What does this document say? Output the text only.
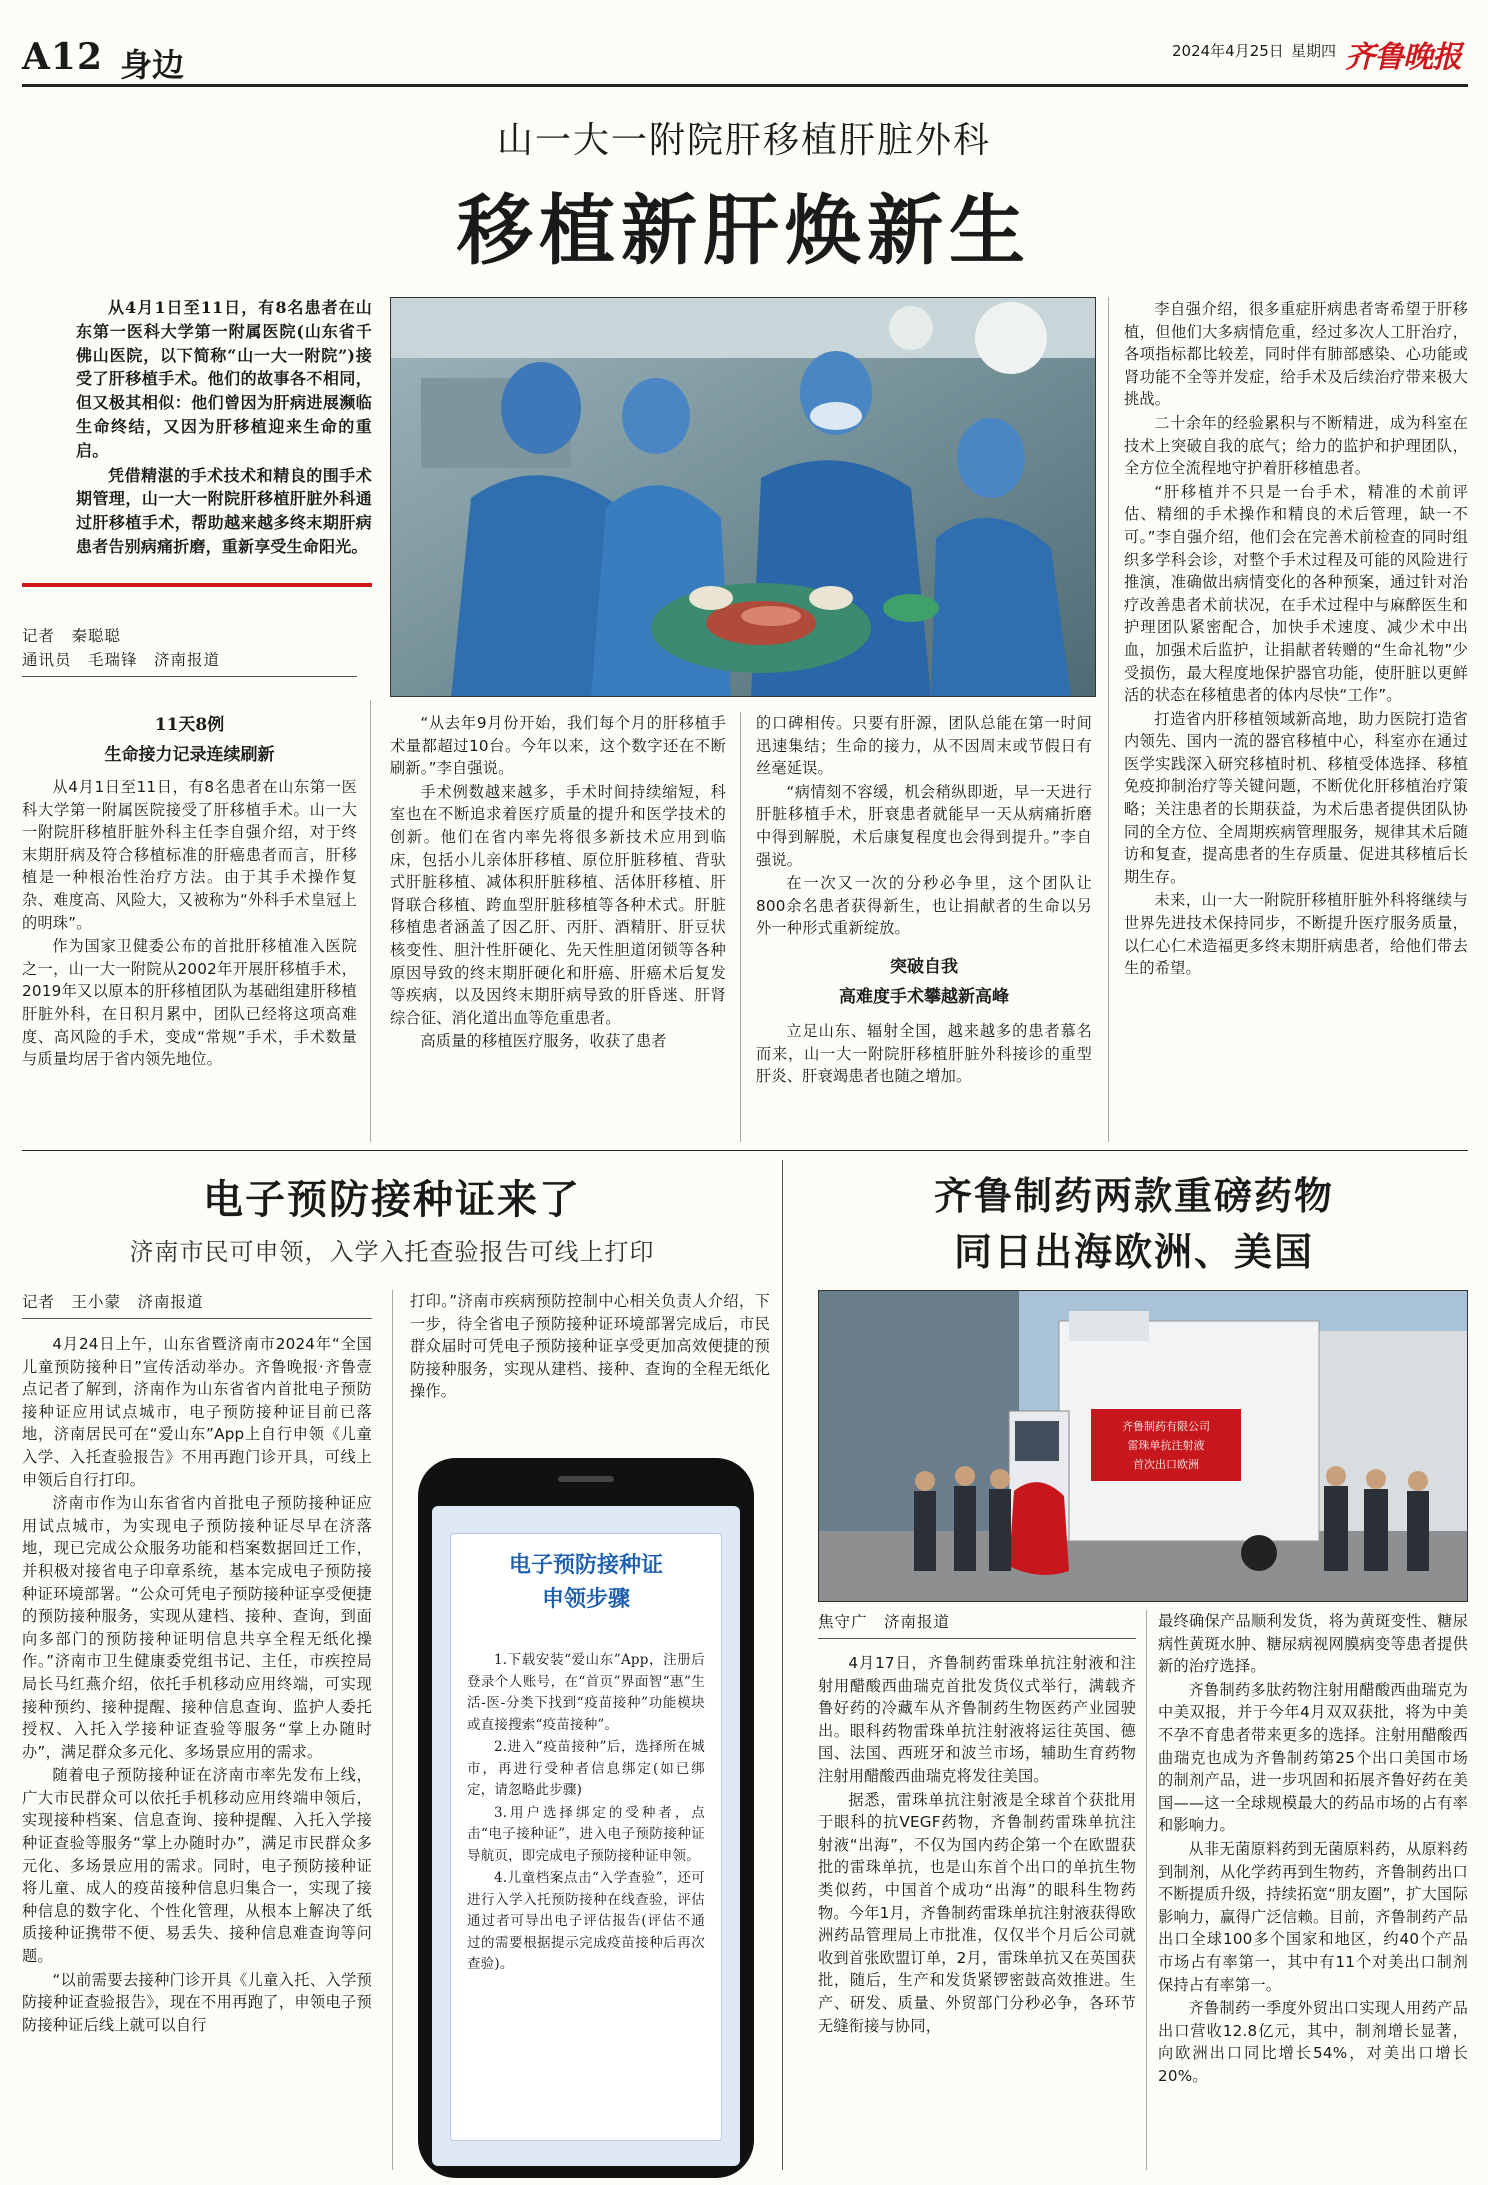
A12 身边	2024年4月25日 星期四 齐鲁晚报
山一大一附院肝移植肝脏外科
移植新肝焕新生

从4月1日至11日，有8名患者在山东第一医科大学第一附属医院(山东省千佛山医院，以下简称“山一大一附院”)接受了肝移植手术。他们的故事各不相同，但又极其相似：他们曾因为肝病进展濒临生命终结，又因为肝移植迎来生命的重启。

凭借精湛的手术技术和精良的围手术期管理，山一大一附院肝移植肝脏外科通过肝移植手术，帮助越来越多终末期肝病患者告别病痛折磨，重新享受生命阳光。

记者　秦聪聪
通讯员　毛瑞锋　济南报道
11天8例
生命接力记录连续刷新

从4月1日至11日，有8名患者在山东第一医科大学第一附属医院接受了肝移植手术。山一大一附院肝移植肝脏外科主任李自强介绍，对于终末期肝病及符合移植标准的肝癌患者而言，肝移植是一种根治性治疗方法。由于其手术操作复杂、难度高、风险大，又被称为“外科手术皇冠上的明珠”。

作为国家卫健委公布的首批肝移植准入医院之一，山一大一附院从2002年开展肝移植手术，2019年又以原本的肝移植团队为基础组建肝移植肝脏外科，在日积月累中，团队已经将这项高难度、高风险的手术，变成“常规”手术，手术数量与质量均居于省内领先地位。

“从去年9月份开始，我们每个月的肝移植手术量都超过10台。今年以来，这个数字还在不断刷新。”李自强说。

手术例数越来越多，手术时间持续缩短，科室也在不断追求着医疗质量的提升和医学技术的创新。他们在省内率先将很多新技术应用到临床，包括小儿亲体肝移植、原位肝脏移植、背驮式肝脏移植、减体积肝脏移植、活体肝移植、肝肾联合移植、跨血型肝脏移植等各种术式。肝脏移植患者涵盖了因乙肝、丙肝、酒精肝、肝豆状核变性、胆汁性肝硬化、先天性胆道闭锁等各种原因导致的终末期肝硬化和肝癌、肝癌术后复发等疾病，以及因终末期肝病导致的肝昏迷、肝肾综合征、消化道出血等危重患者。

高质量的移植医疗服务，收获了患者

的口碑相传。只要有肝源，团队总能在第一时间迅速集结；生命的接力，从不因周末或节假日有丝毫延误。

“病情刻不容缓，机会稍纵即逝，早一天进行肝脏移植手术，肝衰患者就能早一天从病痛折磨中得到解脱，术后康复程度也会得到提升。”李自强说。

在一次又一次的分秒必争里，这个团队让800余名患者获得新生，也让捐献者的生命以另外一种形式重新绽放。

突破自我
高难度手术攀越新高峰

立足山东、辐射全国，越来越多的患者慕名而来，山一大一附院肝移植肝脏外科接诊的重型肝炎、肝衰竭患者也随之增加。

李自强介绍，很多重症肝病患者寄希望于肝移植，但他们大多病情危重，经过多次人工肝治疗，各项指标都比较差，同时伴有肺部感染、心功能或肾功能不全等并发症，给手术及后续治疗带来极大挑战。

二十余年的经验累积与不断精进，成为科室在技术上突破自我的底气；给力的监护和护理团队，全方位全流程地守护着肝移植患者。

“肝移植并不只是一台手术，精准的术前评估、精细的手术操作和精良的术后管理，缺一不可。”李自强介绍，他们会在完善术前检查的同时组织多学科会诊，对整个手术过程及可能的风险进行推演，准确做出病情变化的各种预案，通过针对治疗改善患者术前状况，在手术过程中与麻醉医生和护理团队紧密配合，加快手术速度、减少术中出血，加强术后监护，让捐献者转赠的“生命礼物”少受损伤，最大程度地保护器官功能，使肝脏以更鲜活的状态在移植患者的体内尽快“工作”。

打造省内肝移植领域新高地，助力医院打造省内领先、国内一流的器官移植中心，科室亦在通过医学实践深入研究移植时机、移植受体选择、移植免疫抑制治疗等关键问题，不断优化肝移植治疗策略；关注患者的长期获益，为术后患者提供团队协同的全方位、全周期疾病管理服务，规律其术后随访和复查，提高患者的生存质量、促进其移植后长期生存。

未来，山一大一附院肝移植肝脏外科将继续与世界先进技术保持同步，不断提升医疗服务质量，以仁心仁术造福更多终末期肝病患者，给他们带去生的希望。

电子预防接种证来了
济南市民可申领，入学入托查验报告可线上打印
记者　王小蒙　济南报道

4月24日上午，山东省暨济南市2024年“全国儿童预防接种日”宣传活动举办。齐鲁晚报·齐鲁壹点记者了解到，济南作为山东省省内首批电子预防接种证应用试点城市，电子预防接种证目前已落地，济南居民可在“爱山东”App上自行申领《儿童入学、入托查验报告》不用再跑门诊开具，可线上申领后自行打印。

济南市作为山东省省内首批电子预防接种证应用试点城市，为实现电子预防接种证尽早在济落地，现已完成公众服务功能和档案数据回迁工作，并积极对接省电子印章系统，基本完成电子预防接种证环境部署。“公众可凭电子预防接种证享受便捷的预防接种服务，实现从建档、接种、查询，到面向多部门的预防接种证明信息共享全程无纸化操作。”济南市卫生健康委党组书记、主任，市疾控局局长马红燕介绍，依托手机移动应用终端，可实现接种预约、接种提醒、接种信息查询、监护人委托授权、入托入学接种证查验等服务“掌上办随时办”，满足群众多元化、多场景应用的需求。

随着电子预防接种证在济南市率先发布上线，广大市民群众可以依托手机移动应用终端申领后，实现接种档案、信息查询、接种提醒、入托入学接种证查验等服务“掌上办随时办”，满足市民群众多元化、多场景应用的需求。同时，电子预防接种证将儿童、成人的疫苗接种信息归集合一，实现了接种信息的数字化、个性化管理，从根本上解决了纸质接种证携带不便、易丢失、接种信息难查询等问题。

“以前需要去接种门诊开具《儿童入托、入学预防接种证查验报告》，现在不用再跑了，申领电子预防接种证后线上就可以自行

打印。”济南市疾病预防控制中心相关负责人介绍，下一步，待全省电子预防接种证环境部署完成后，市民群众届时可凭电子预防接种证享受更加高效便捷的预防接种服务，实现从建档、接种、查询的全程无纸化操作。

电子预防接种证
申领步骤

1.下载安装“爱山东”App，注册后登录个人账号，在“首页”界面智“惠”生活-医-分类下找到“疫苗接种”功能模块或直接搜索“疫苗接种”。

2.进入“疫苗接种”后，选择所在城市，再进行受种者信息绑定(如已绑定，请忽略此步骤)

3.用户选择绑定的受种者，点击“电子接种证”，进入电子预防接种证导航页，即完成电子预防接种证申领。

4.儿童档案点击“入学查验”，还可进行入学入托预防接种在线查验，评估通过者可导出电子评估报告(评估不通过的需要根据提示完成疫苗接种后再次查验)。

齐鲁制药两款重磅药物
同日出海欧洲、美国
齐鲁制药有限公司
雷珠单抗注射液
首次出口欧洲
焦守广　济南报道

4月17日，齐鲁制药雷珠单抗注射液和注射用醋酸西曲瑞克首批发货仪式举行，满载齐鲁好药的冷藏车从齐鲁制药生物医药产业园驶出。眼科药物雷珠单抗注射液将运往英国、德国、法国、西班牙和波兰市场，辅助生育药物注射用醋酸西曲瑞克将发往美国。

据悉，雷珠单抗注射液是全球首个获批用于眼科的抗VEGF药物，齐鲁制药雷珠单抗注射液“出海”，不仅为国内药企第一个在欧盟获批的雷珠单抗，也是山东首个出口的单抗生物类似药，中国首个成功“出海”的眼科生物药物。今年1月，齐鲁制药雷珠单抗注射液获得欧洲药品管理局上市批准，仅仅半个月后公司就收到首张欧盟订单，2月，雷珠单抗又在英国获批，随后，生产和发货紧锣密鼓高效推进。生产、研发、质量、外贸部门分秒必争，各环节无缝衔接与协同，

最终确保产品顺利发货，将为黄斑变性、糖尿病性黄斑水肿、糖尿病视网膜病变等患者提供新的治疗选择。

齐鲁制药多肽药物注射用醋酸西曲瑞克为中美双报，并于今年4月双双获批，将为中美不孕不育患者带来更多的选择。注射用醋酸西曲瑞克也成为齐鲁制药第25个出口美国市场的制剂产品，进一步巩固和拓展齐鲁好药在美国——这一全球规模最大的药品市场的占有率和影响力。

从非无菌原料药到无菌原料药，从原料药到制剂，从化学药再到生物药，齐鲁制药出口不断提质升级，持续拓宽“朋友圈”，扩大国际影响力，赢得广泛信赖。目前，齐鲁制药产品出口全球100多个国家和地区，约40个产品市场占有率第一，其中有11个对美出口制剂保持占有率第一。

齐鲁制药一季度外贸出口实现人用药产品出口营收12.8亿元，其中，制剂增长显著，向欧洲出口同比增长54%，对美出口增长20%。
